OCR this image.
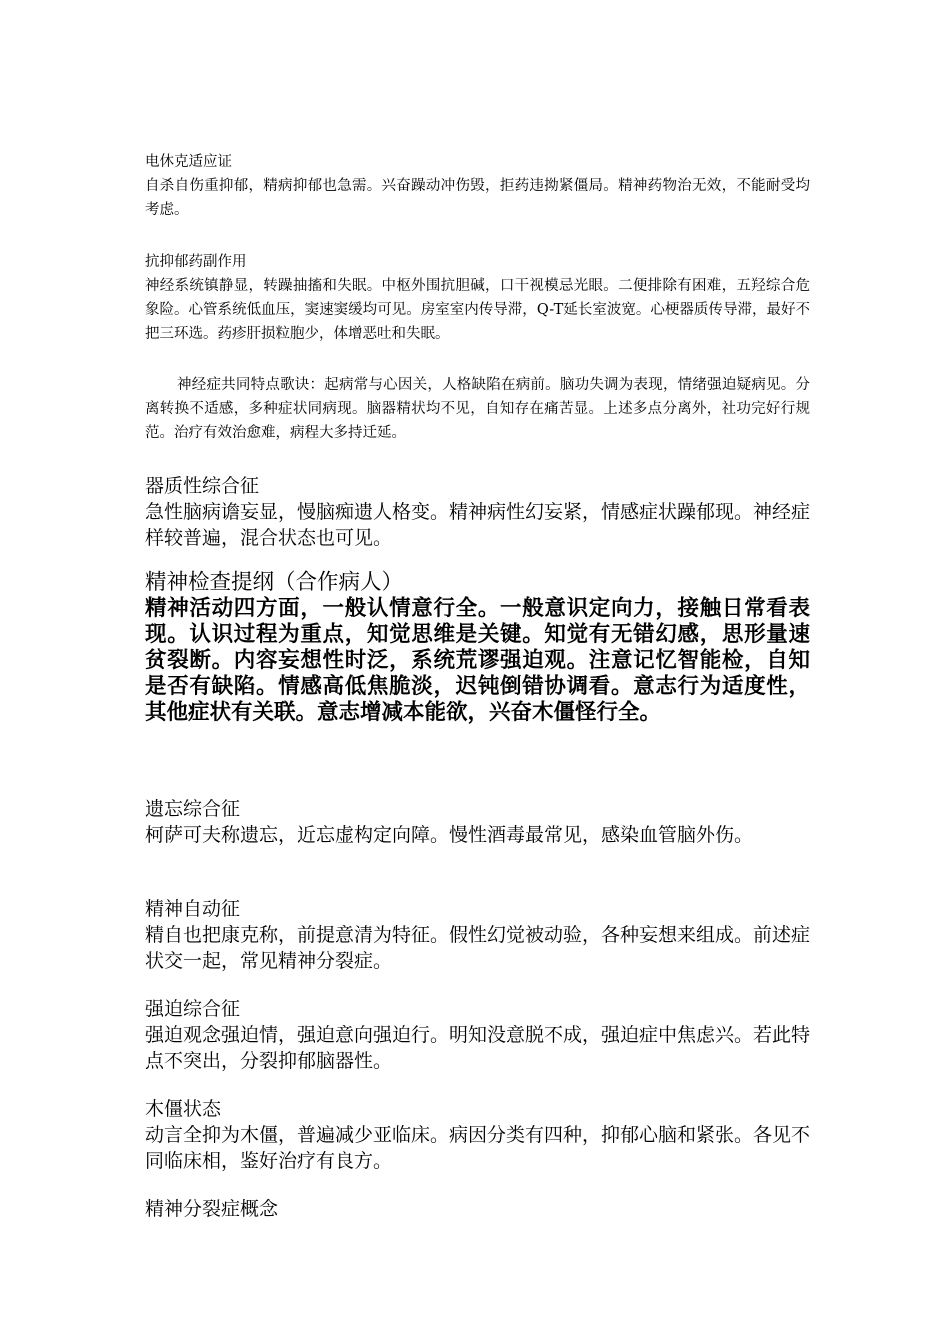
电休克适应证

自杀自伤重抑郁，精病抑郁也急需。兴奋躁动冲伤毁，拒药违拗紧僵局。精神药物治无效，不能耐受均考虑。

抗抑郁药副作用

神经系统镇静显，转躁抽搐和失眠。中枢外围抗胆碱，口干视模忌光眼。二便排除有困难，五羟综合危象险。心管系统低血压，窦速窦缓均可见。房室室内传导滞，Q-T延长室波宽。心梗器质传导滞，最好不把三环选。药疹肝损粒胞少，体增恶吐和失眠。

神经症共同特点歌诀：起病常与心因关，人格缺陷在病前。脑功失调为表现，情绪强迫疑病见。分离转换不适感，多种症状同病现。脑器精状均不见，自知存在痛苦显。上述多点分离外，社功完好行规范。治疗有效治愈难，病程大多持迁延。

器质性综合征

急性脑病谵妄显，慢脑痴遗人格变。精神病性幻妄紧，情感症状躁郁现。神经症样较普遍，混合状态也可见。

精神检查提纲（合作病人）

精神活动四方面，一般认情意行全。一般意识定向力，接触日常看表现。认识过程为重点，知觉思维是关键。知觉有无错幻感，思形量速贫裂断。内容妄想性时泛，系统荒谬强迫观。注意记忆智能检，自知是否有缺陷。情感高低焦脆淡，迟钝倒错协调看。意志行为适度性，其他症状有关联。意志增减本能欲，兴奋木僵怪行全。

遗忘综合征

柯萨可夫称遗忘，近忘虚构定向障。慢性酒毒最常见，感染血管脑外伤。

精神自动征

精自也把康克称，前提意清为特征。假性幻觉被动验，各种妄想来组成。前述症状交一起，常见精神分裂症。

强迫综合征

强迫观念强迫情，强迫意向强迫行。明知没意脱不成，强迫症中焦虑兴。若此特点不突出，分裂抑郁脑器性。

木僵状态

动言全抑为木僵，普遍减少亚临床。病因分类有四种，抑郁心脑和紧张。各见不同临床相，鉴好治疗有良方。

精神分裂症概念
